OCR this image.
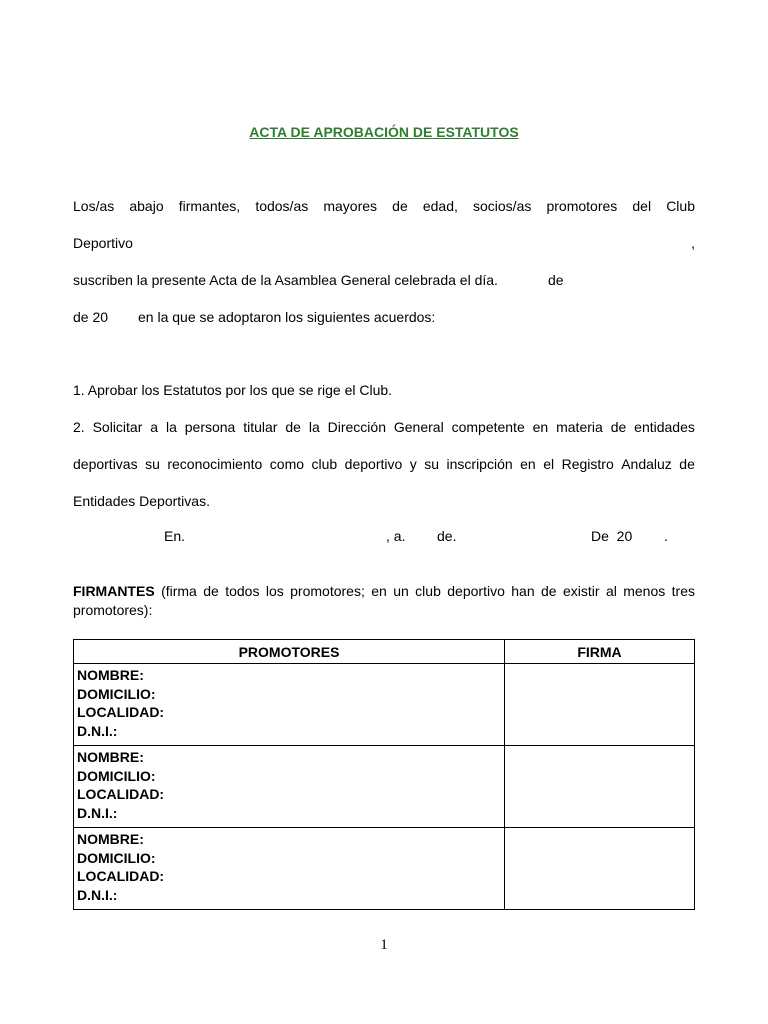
ACTA DE APROBACIÓN DE ESTATUTOS
Los/as abajo firmantes, todos/as mayores de edad, socios/as promotores del Club
Deportivo	,
suscriben la presente Acta de la Asamblea General celebrada el día.	de
de 20 en la que se adoptaron los siguientes acuerdos:
1. Aprobar los Estatutos por los que se rige el Club.
2. Solicitar a la persona titular de la Dirección General competente en materia de entidades
deportivas su reconocimiento como club deportivo y su inscripción en el Registro Andaluz de
Entidades Deportivas.
En.	, a. de.	De  20 .
FIRMANTES (firma de todos los promotores; en un club deportivo han de existir al menos tres promotores):
PROMOTORES	FIRMA

NOMBRE:
DOMICILIO:
LOCALIDAD:
D.N.I.:	

NOMBRE:
DOMICILIO:
LOCALIDAD:
D.N.I.:	

NOMBRE:
DOMICILIO:
LOCALIDAD:
D.N.I.:	

1
